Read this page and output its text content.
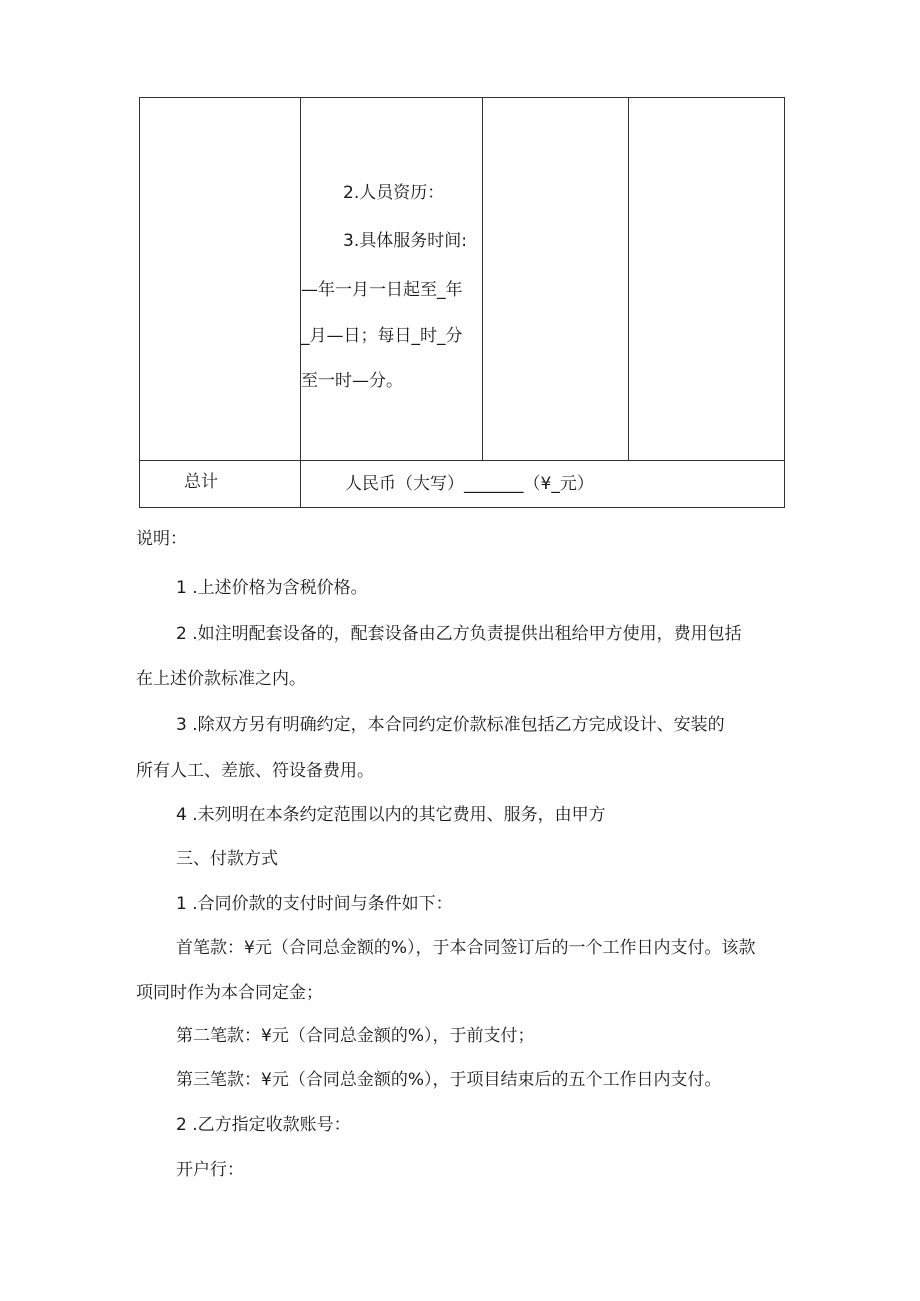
2.人员资历：
3.具体服务时间:
—年一月一日起至_年
_月—日；每日_时_分
至一时—分。
总计	人民币（大写）_______（¥_元）
说明：
1 .上述价格为含税价格。
2 .如注明配套设备的，配套设备由乙方负责提供出租给甲方使用，费用包括
在上述价款标准之内。
3 .除双方另有明确约定，本合同约定价款标准包括乙方完成设计、安装的
所有人工、差旅、符设备费用。
4 .未列明在本条约定范围以内的其它费用、服务，由甲方
三、付款方式
1 .合同价款的支付时间与条件如下：
首笔款：¥元（合同总金额的%），于本合同签订后的一个工作日内支付。该款
项同时作为本合同定金；
第二笔款：¥元（合同总金额的%），于前支付；
第三笔款：¥元（合同总金额的%），于项目结束后的五个工作日内支付。
2 .乙方指定收款账号：
开户行：
